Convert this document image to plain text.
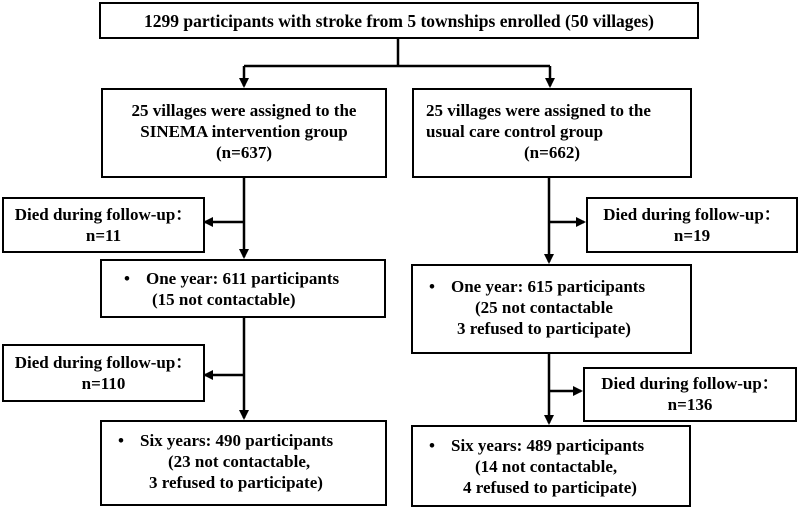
1299 participants with stroke from 5 townships enrolled (50 villages)
25 villages were assigned to the
SINEMA intervention group
(n=637)
25 villages were assigned to the
usual care control group
(n=662)
Died during follow-up：
n=11
Died during follow-up：
n=19
• One year: 611 participants
(15 not contactable)
• One year: 615 participants
(25 not contactable
3 refused to participate)
Died during follow-up：
n=110	Died during follow-up：
n=136
• Six years: 490 participants
(23 not contactable,
3 refused to participate)
• Six years: 489 participants
(14 not contactable,
4 refused to participate)
